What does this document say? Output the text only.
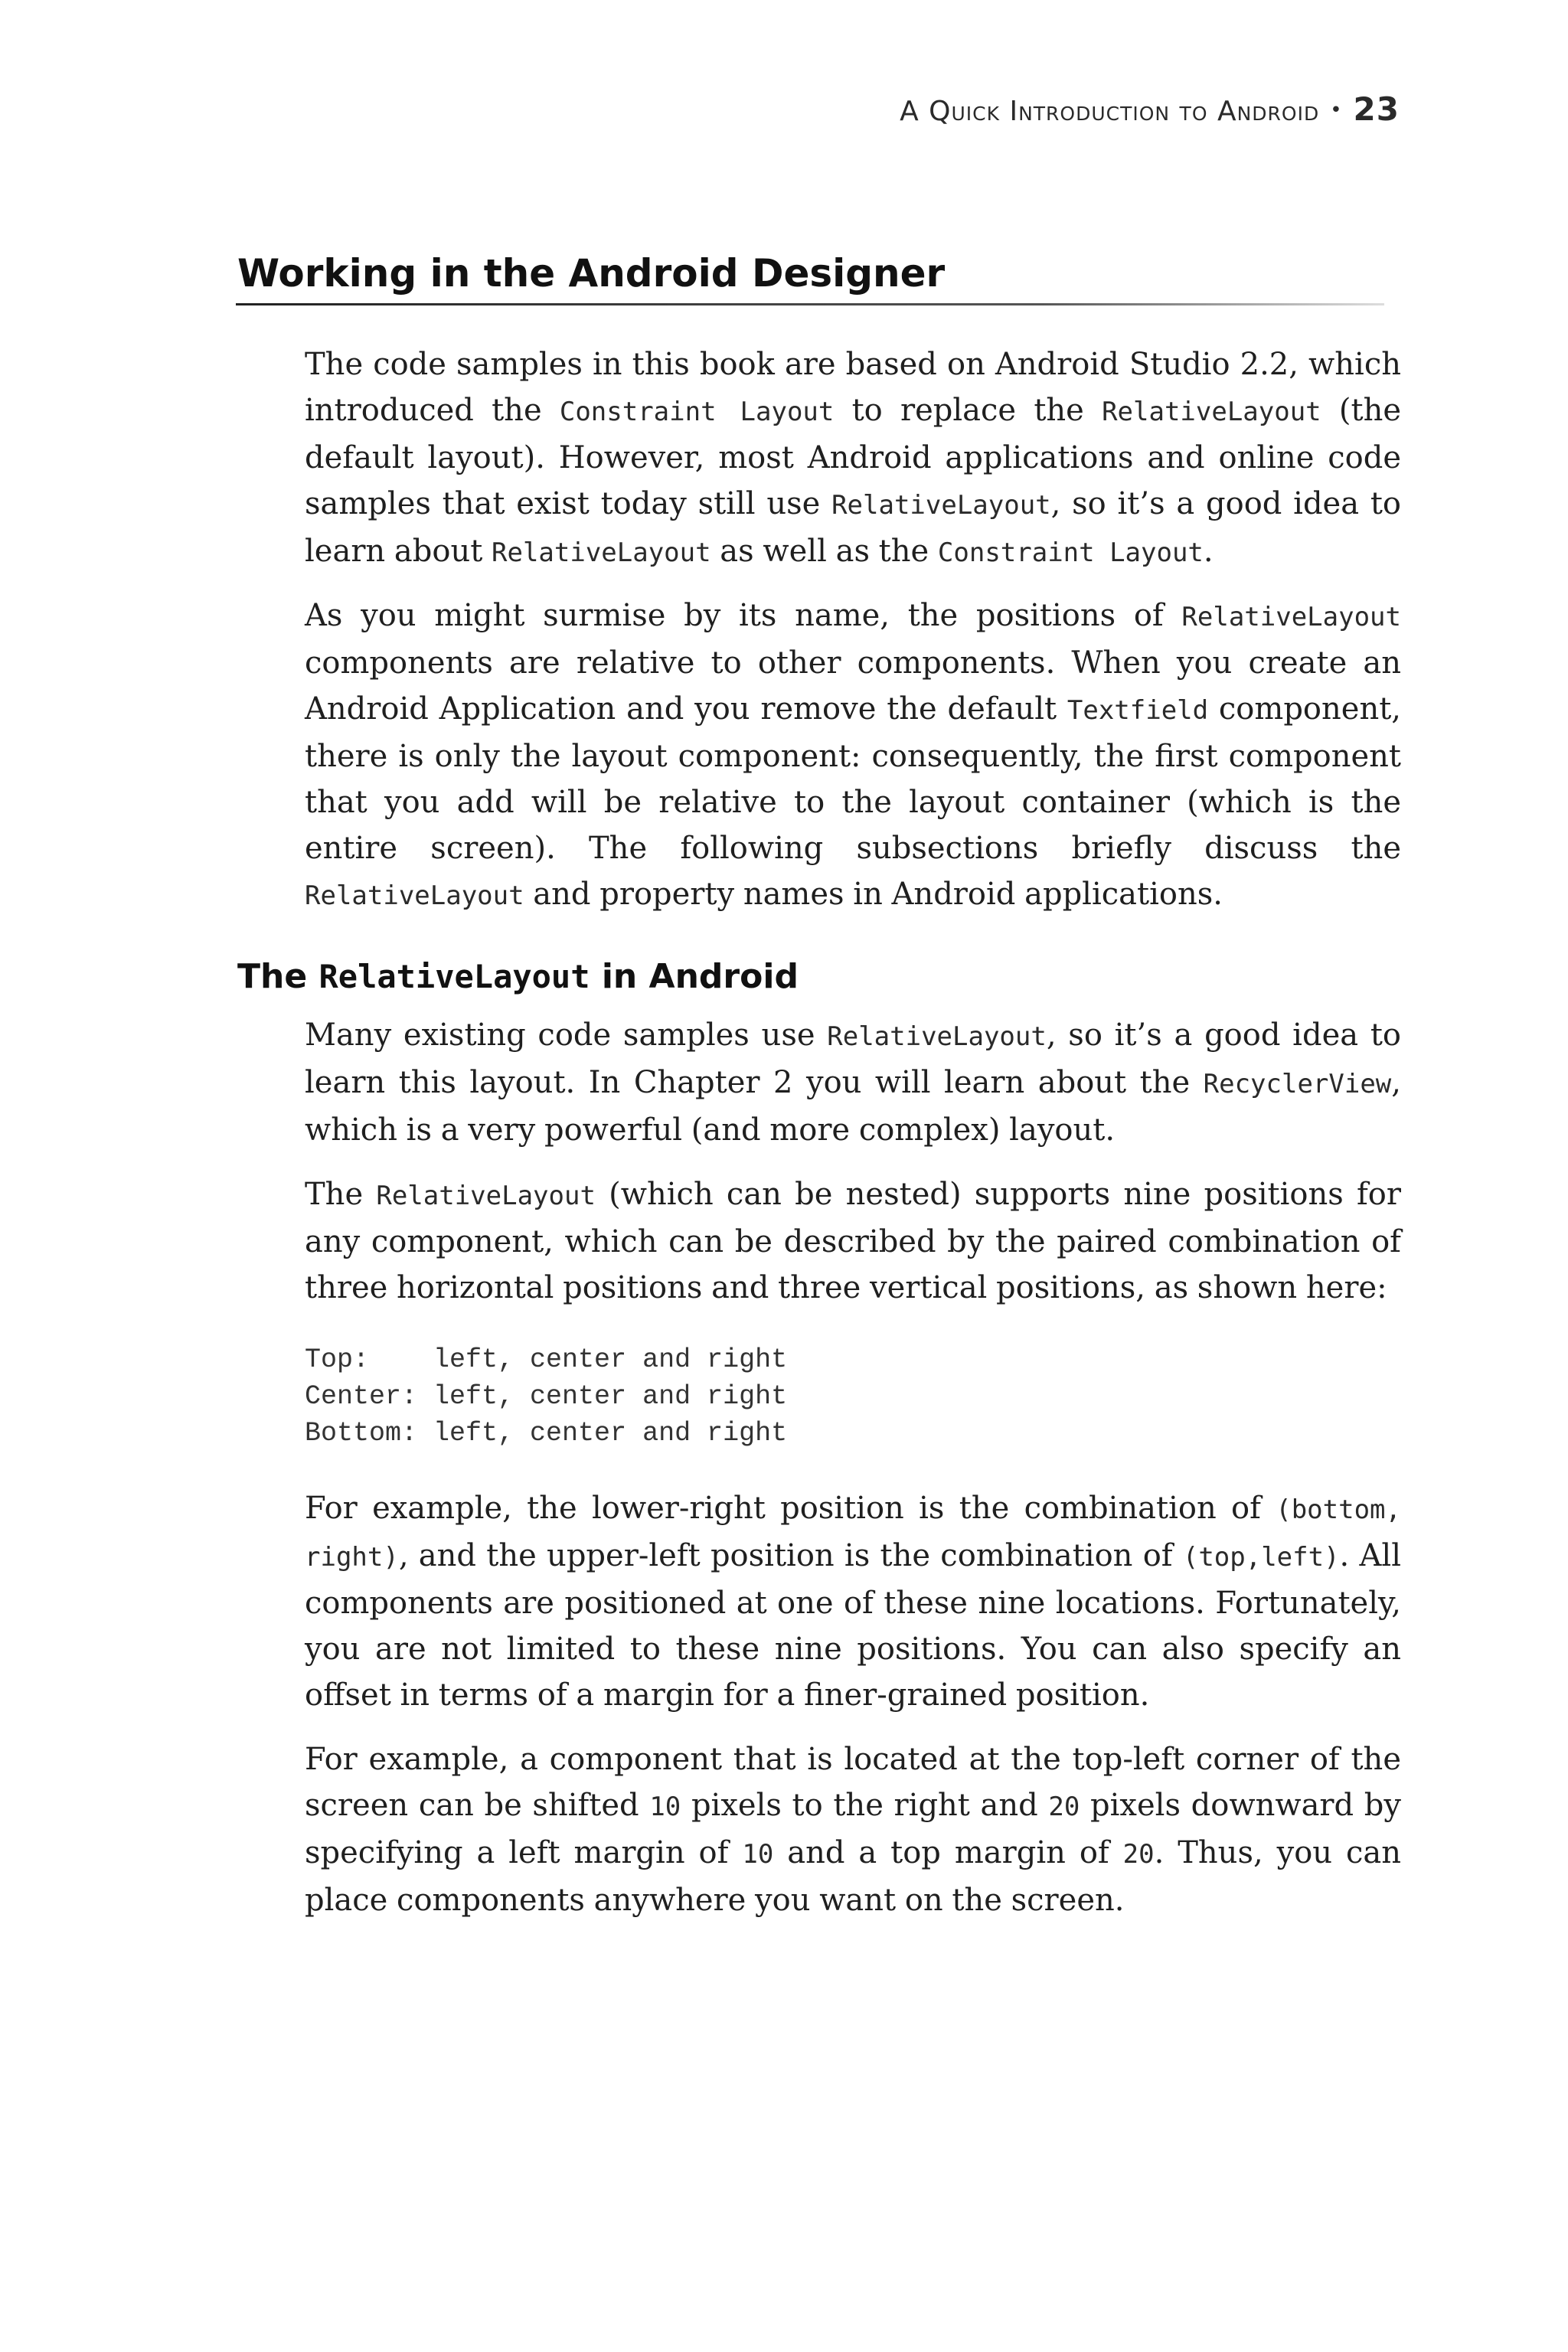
A Quick Introduction to Android • 23
Working in the Android Designer

The code samples in this book are based on Android Studio 2.2, which introduced the Constraint Layout to replace the RelativeLayout (the default layout). However, most Android applications and online code samples that exist today still use RelativeLayout, so it’s a good idea to learn about RelativeLayout as well as the Constraint Layout.

As you might surmise by its name, the positions of RelativeLayout components are relative to other components. When you create an Android Application and you remove the default Textfield component, there is only the layout component: consequently, the first component that you add will be relative to the layout container (which is the entire screen). The following subsections briefly discuss the RelativeLayout and property names in Android applications.

The RelativeLayout in Android

Many existing code samples use RelativeLayout, so it’s a good idea to learn this layout. In Chapter 2 you will learn about the RecyclerView, which is a very powerful (and more complex) layout.

The RelativeLayout (which can be nested) supports nine positions for any component, which can be described by the paired combination of three horizontal positions and three vertical positions, as shown here:

Top:    left, center and right
Center: left, center and right
Bottom: left, center and right

For example, the lower-right position is the combination of (bottom, right), and the upper-left position is the combination of (top,left). All components are positioned at one of these nine locations. Fortunately, you are not limited to these nine positions. You can also specify an offset in terms of a margin for a finer-grained position.

For example, a component that is located at the top-left corner of the screen can be shifted 10 pixels to the right and 20 pixels downward by specifying a left margin of 10 and a top margin of 20. Thus, you can place components anywhere you want on the screen.
